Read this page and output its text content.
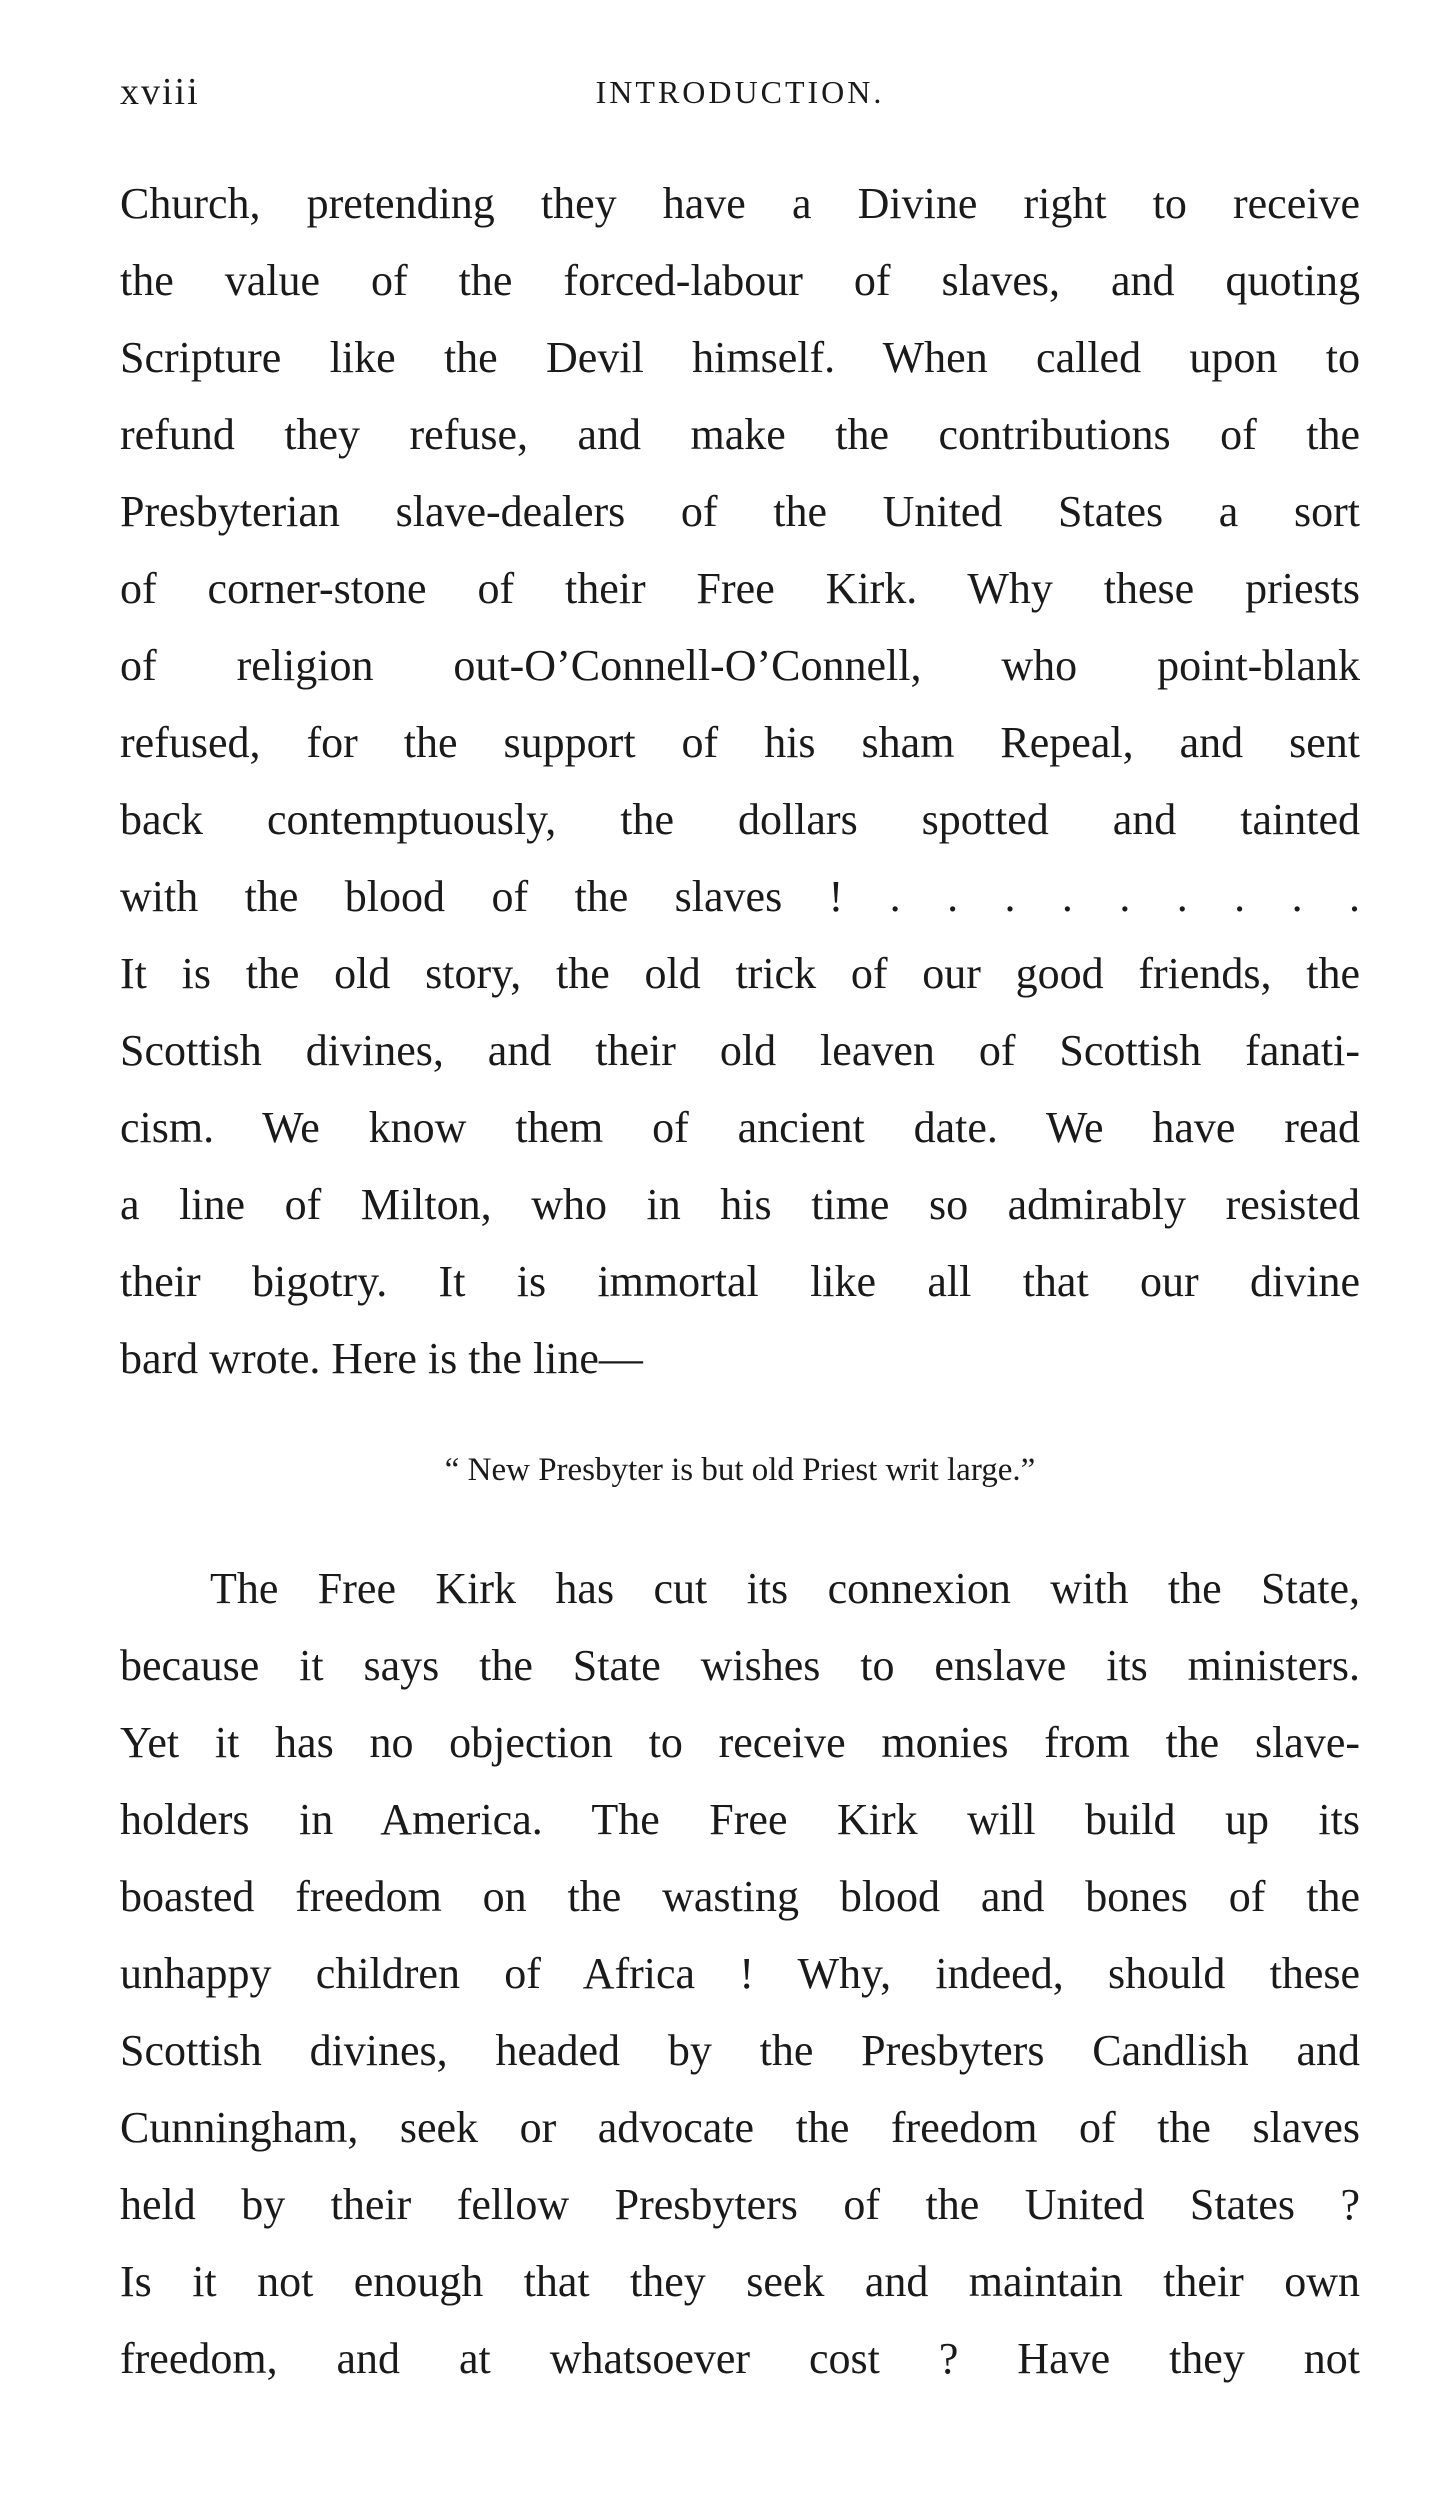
xviii	INTRODUCTION.
Church, pretending they have a Divine right to receive
the value of the forced-labour of slaves, and quoting
Scripture like the Devil himself. When called upon to
refund they refuse, and make the contributions of the
Presbyterian slave-dealers of the United States a sort
of corner-stone of their Free Kirk. Why these priests
of religion out-O’Connell-O’Connell, who point-blank
refused, for the support of his sham Repeal, and sent
back contemptuously, the dollars spotted and tainted
with the blood of the slaves ! . . . . . . . . .
It is the old story, the old trick of our good friends, the
Scottish divines, and their old leaven of Scottish fanati-
cism. We know them of ancient date. We have read
a line of Milton, who in his time so admirably resisted
their bigotry. It is immortal like all that our divine
bard wrote. Here is the line—
“ New Presbyter is but old Priest writ large.”
The Free Kirk has cut its connexion with the State,
because it says the State wishes to enslave its ministers.
Yet it has no objection to receive monies from the slave-
holders in America. The Free Kirk will build up its
boasted freedom on the wasting blood and bones of the
unhappy children of Africa ! Why, indeed, should these
Scottish divines, headed by the Presbyters Candlish and
Cunningham, seek or advocate the freedom of the slaves
held by their fellow Presbyters of the United States ?
Is it not enough that they seek and maintain their own
freedom, and at whatsoever cost ? Have they not
